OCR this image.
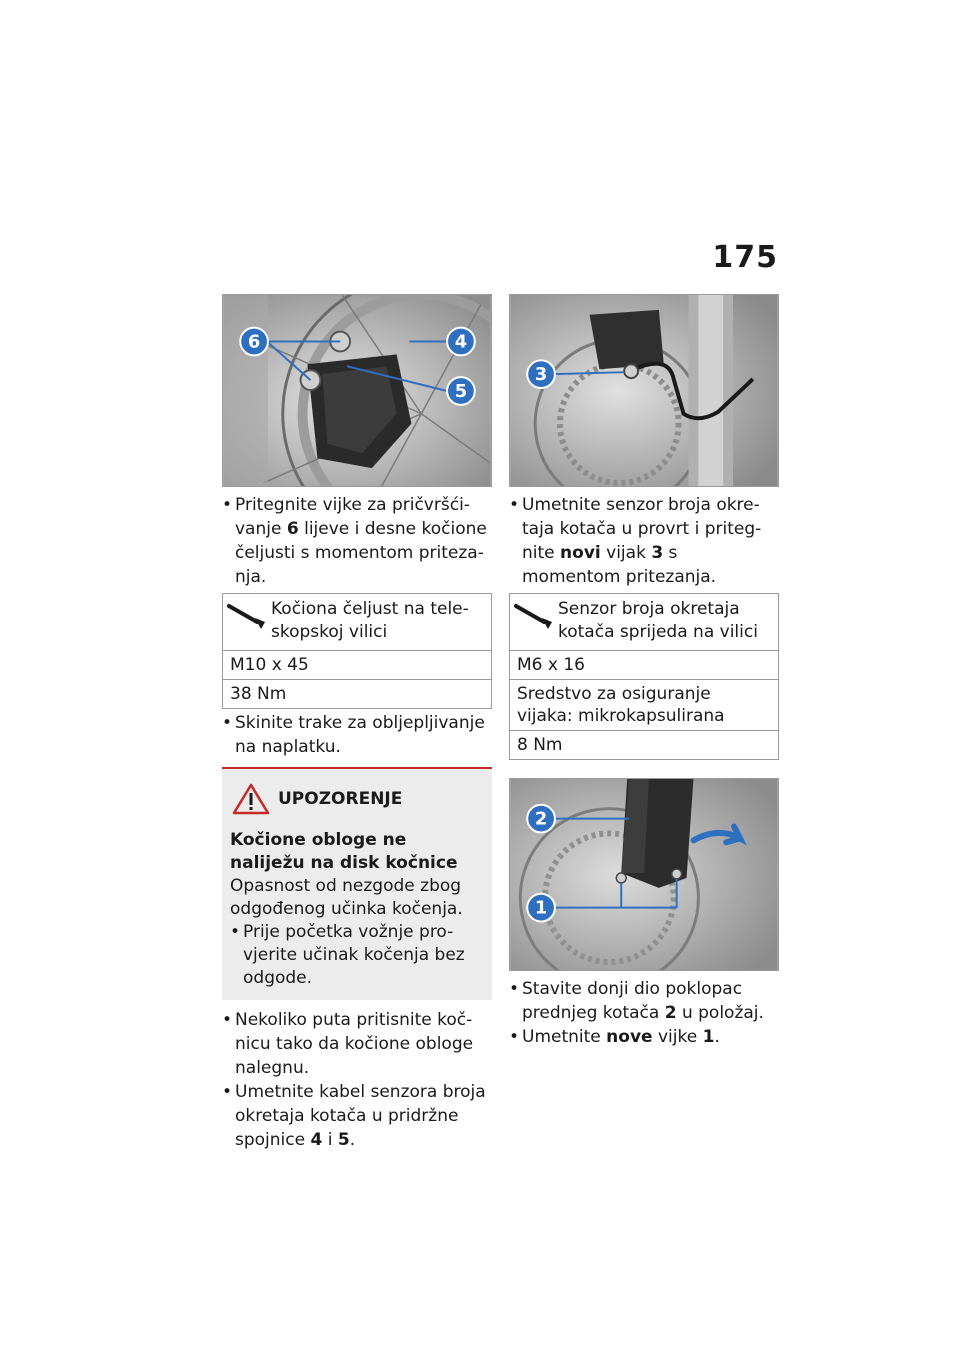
175
6	4
5
• Pritegnite vijke za pričvršći-vanje 6 lijeve i desne kočione čeljusti s momentom priteza-nja.
Kočiona čeljust na tele-skopskoj vilici
M10 x 45
38 Nm
• Skinite trake za obljepljivanje na naplatku.
UPOZORENJE
Kočione obloge ne naliježu na disk kočnice
Opasnost od nezgode zbog odgođenog učinka kočenja.
• Prije početka vožnje pro-vjerite učinak kočenja bez odgode.
• Nekoliko puta pritisnite koč-nicu tako da kočione obloge nalegnu.
• Umetnite kabel senzora broja okretaja kotača u pridržne spojnice 4 i 5.
3
• Umetnite senzor broja okre-taja kotača u provrt i priteg-nite novi vijak 3 s momentom pritezanja.
Senzor broja okretaja kotača sprijeda na vilici
M6 x 16
Sredstvo za osiguranje vijaka: mikrokapsulirana
8 Nm
2
1
• Stavite donji dio poklopac prednjeg kotača 2 u položaj.
• Umetnite nove vijke 1.
